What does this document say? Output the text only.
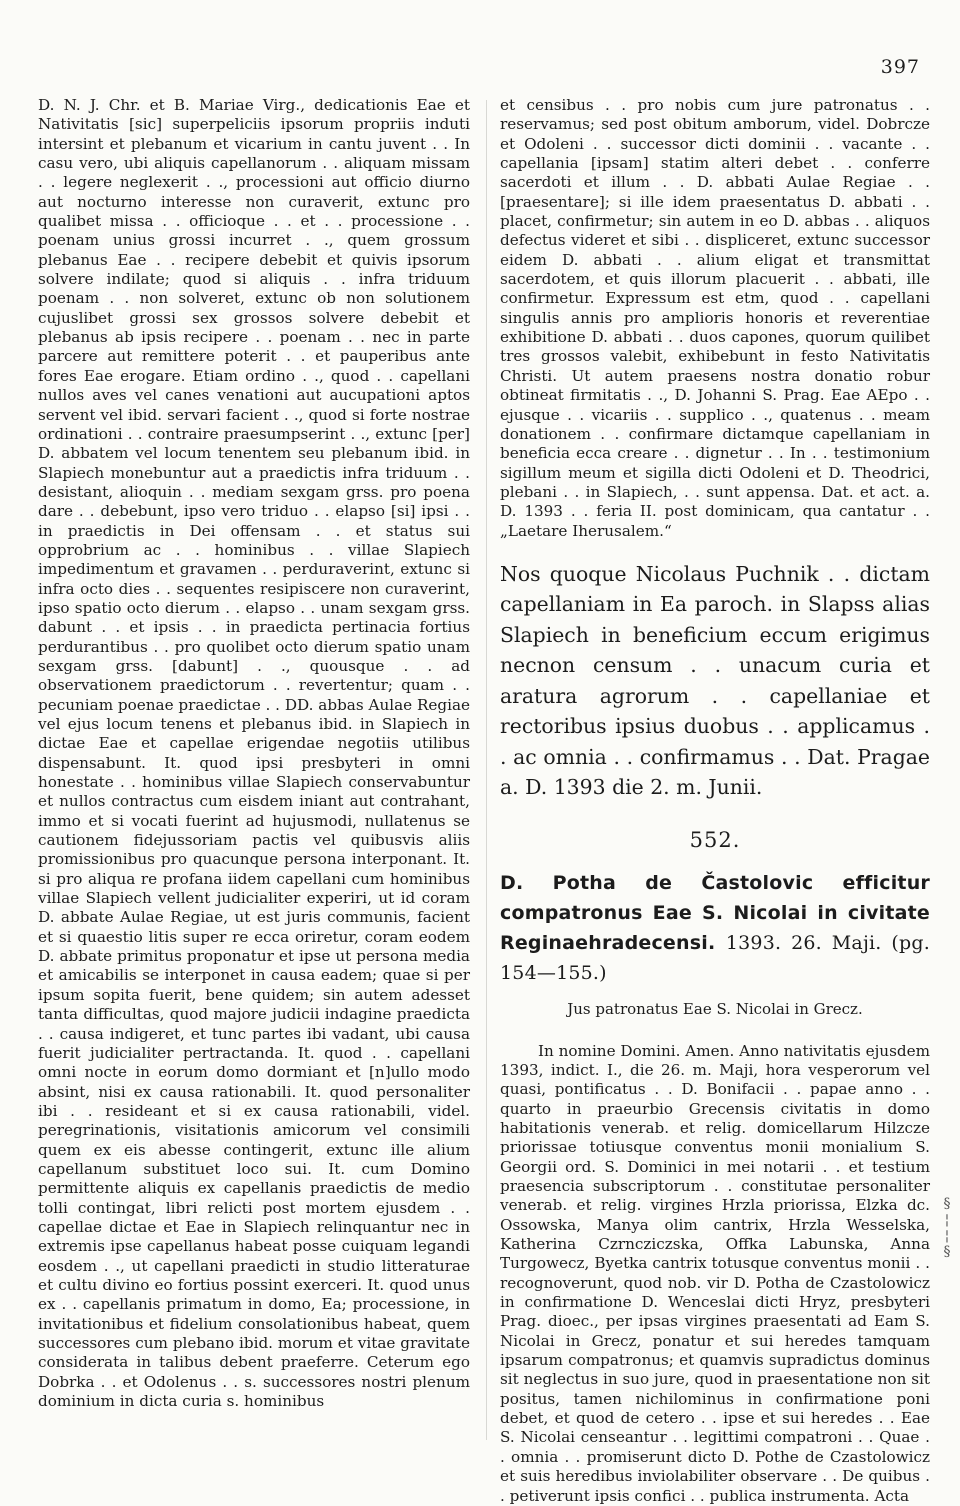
397

D. N. J. Chr. et B. Mariae Virg., dedicationis Eae et Nativitatis [sic] superpeliciis ipsorum propriis induti intersint et plebanum et vicarium in cantu juvent . . In casu vero, ubi aliquis capellanorum . . aliquam missam . . legere neglexerit . ., processioni aut officio diurno aut nocturno interesse non curaverit, extunc pro qualibet missa . . officioque . . et . . processione . . poenam unius grossi incurret . ., quem grossum plebanus Eae . . recipere debebit et quivis ipsorum solvere indilate; quod si aliquis . . infra triduum poenam . . non solveret, extunc ob non solutionem cujuslibet grossi sex grossos solvere debebit et plebanus ab ipsis recipere . . poenam . . nec in parte parcere aut remittere poterit . . et pauperibus ante fores Eae erogare. Etiam ordino . ., quod . . capellani nullos aves vel canes venationi aut aucupationi aptos servent vel ibid. servari facient . ., quod si forte nostrae ordinationi . . contraire praesumpserint . ., extunc [per] D. abbatem vel locum tenentem seu plebanum ibid. in Slapiech monebuntur aut a praedictis infra triduum . . desistant, alioquin . . mediam sexgam grss. pro poena dare . . debebunt, ipso vero triduo . . elapso [si] ipsi . . in praedictis in Dei offensam . . et status sui opprobrium ac . . hominibus . . villae Slapiech impedimentum et gravamen . . perduraverint, extunc si infra octo dies . . sequentes resipiscere non curaverint, ipso spatio octo dierum . . elapso . . unam sexgam grss. dabunt . . et ipsis . . in praedicta pertinacia fortius perdurantibus . . pro quolibet octo dierum spatio unam sexgam grss. [dabunt] . ., quousque . . ad observationem praedictorum . . revertentur; quam . . pecuniam poenae praedictae . . DD. abbas Aulae Regiae vel ejus locum tenens et plebanus ibid. in Slapiech in dictae Eae et capellae erigendae negotiis utilibus dispensabunt. It. quod ipsi presbyteri in omni honestate . . hominibus villae Slapiech conservabuntur et nullos contractus cum eisdem iniant aut contrahant, immo et si vocati fuerint ad hujusmodi, nullatenus se cautionem fidejussoriam pactis vel quibusvis aliis promissionibus pro quacunque persona interponant. It. si pro aliqua re profana iidem capellani cum hominibus villae Slapiech vellent judicialiter experiri, ut id coram D. abbate Aulae Regiae, ut est juris communis, facient et si quaestio litis super re ecca oriretur, coram eodem D. abbate primitus proponatur et ipse ut persona media et amicabilis se interponet in causa eadem; quae si per ipsum sopita fuerit, bene quidem; sin autem adesset tanta difficultas, quod majore judicii indagine praedicta . . causa indigeret, et tunc partes ibi vadant, ubi causa fuerit judicialiter pertractanda. It. quod . . capellani omni nocte in eorum domo dormiant et [n]ullo modo absint, nisi ex causa rationabili. It. quod personaliter ibi . . resideant et si ex causa rationabili, videl. peregrinationis, visitationis amicorum vel consimili quem ex eis abesse contingerit, extunc ille alium capellanum substituet loco sui. It. cum Domino permittente aliquis ex capellanis praedictis de medio tolli contingat, libri relicti post mortem ejusdem . . capellae dictae et Eae in Slapiech relinquantur nec in extremis ipse capellanus habeat posse cuiquam legandi eosdem . ., ut capellani praedicti in studio litteraturae et cultu divino eo fortius possint exerceri. It. quod unus ex . . capellanis primatum in domo, Ea; processione, in invitationibus et fidelium consolationibus habeat, quem successores cum plebano ibid. morum et vitae gravitate considerata in talibus debent praeferre. Ceterum ego Dobrka . . et Odolenus . . s. successores nostri plenum dominium in dicta curia s. hominibus

et censibus . . pro nobis cum jure patronatus . . reservamus; sed post obitum amborum, videl. Dobrcze et Odoleni . . successor dicti dominii . . vacante . . capellania [ipsam] statim alteri debet . . conferre sacerdoti et illum . . D. abbati Aulae Regiae . . [praesentare]; si ille idem praesentatus D. abbati . . placet, confirmetur; sin autem in eo D. abbas . . aliquos defectus videret et sibi . . displiceret, extunc successor eidem D. abbati . . alium eligat et transmittat sacerdotem, et quis illorum placuerit . . abbati, ille confirmetur. Expressum est etm, quod . . capellani singulis annis pro amplioris honoris et reverentiae exhibitione D. abbati . . duos capones, quorum quilibet tres grossos valebit, exhibebunt in festo Nativitatis Christi. Ut autem praesens nostra donatio robur obtineat firmitatis . ., D. Johanni S. Prag. Eae AEpo . . ejusque . . vicariis . . supplico . ., quatenus . . meam donationem . . confirmare dictamque capellaniam in beneficia ecca creare . . dignetur . . In . . testimonium sigillum meum et sigilla dicti Odoleni et D. Theodrici, plebani . . in Slapiech, . . sunt appensa. Dat. et act. a. D. 1393 . . feria II. post dominicam, qua cantatur . . „Laetare Iherusalem.“

Nos quoque Nicolaus Puchnik . . dictam capellaniam in Ea paroch. in Slapss alias Slapiech in beneficium eccum erigimus necnon censum . . unacum curia et aratura agrorum . . capellaniae et rectoribus ipsius duobus . . applicamus . . ac omnia . . confirmamus . . Dat. Pragae a. D. 1393 die 2. m. Junii.

552.
D. Potha de Častolovic efficitur compatronus Eae S. Nicolai in civitate Reginaehradecensi. 1393. 26. Maji. (pg. 154—155.)
Jus patronatus Eae S. Nicolai in Grecz.

In nomine Domini. Amen. Anno nativitatis ejusdem 1393, indict. I., die 26. m. Maji, hora vesperorum vel quasi, pontificatus . . D. Bonifacii . . papae anno . . quarto in praeurbio Grecensis civitatis in domo habitationis venerab. et relig. domicellarum Hilzcze priorissae totiusque conventus monii monialium S. Georgii ord. S. Dominici in mei notarii . . et testium praesencia subscriptorum . . constitutae personaliter venerab. et relig. virgines Hrzla priorissa, Elzka dc. Ossowska, Manya olim cantrix, Hrzla Wesselska, Katherina Czrncziczska, Offka Labunska, Anna Turgowecz, Byetka cantrix totusque conventus monii . . recognoverunt, quod nob. vir D. Potha de Czastolowicz in confirmatione D. Wenceslai dicti Hryz, presbyteri Prag. dioec., per ipsas virgines praesentati ad Eam S. Nicolai in Grecz, ponatur et sui heredes tamquam ipsarum compatronus; et quamvis supradictus dominus sit neglectus in suo jure, quod in praesentatione non sit positus, tamen nichilominus in confirmatione poni debet, et quod de cetero . . ipse et sui heredes . . Eae S. Nicolai censeantur . . legittimi compatroni . . Quae . . omnia . . promiserunt dicto D. Pothe de Czastolowicz et suis heredibus inviolabiliter observare . . De quibus . . petiverunt ipsis confici . . publica instrumenta. Acta

§
¦
¦
§
